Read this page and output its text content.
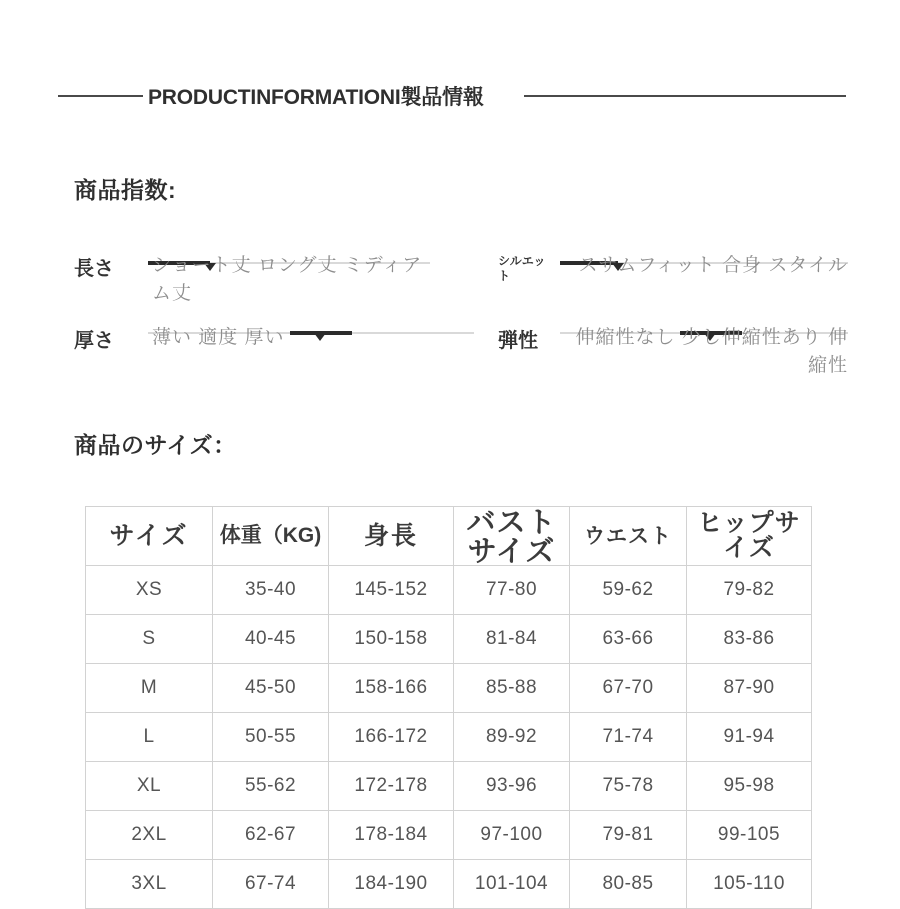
PRODUCTINFORMATIONI製品情報
商品指数:
長さ ショート丈 ロング丈 ミディアム丈
シルエット	スサムフィット 合身 スタイル
厚さ 薄い 適度 厚い	弾性	伸縮性なし 少し伸縮性あり 伸縮性
商品のサイズ：
サイズ	体重（KG)	身長	バストサイズ	ウエスト	ヒップサイズ

XS	35-40	145-152	77-80	59-62	79-82
S	40-45	150-158	81-84	63-66	83-86
M	45-50	158-166	85-88	67-70	87-90
L	50-55	166-172	89-92	71-74	91-94
XL	55-62	172-178	93-96	75-78	95-98
2XL	62-67	178-184	97-100	79-81	99-105
3XL	67-74	184-190	101-104	80-85	105-110
